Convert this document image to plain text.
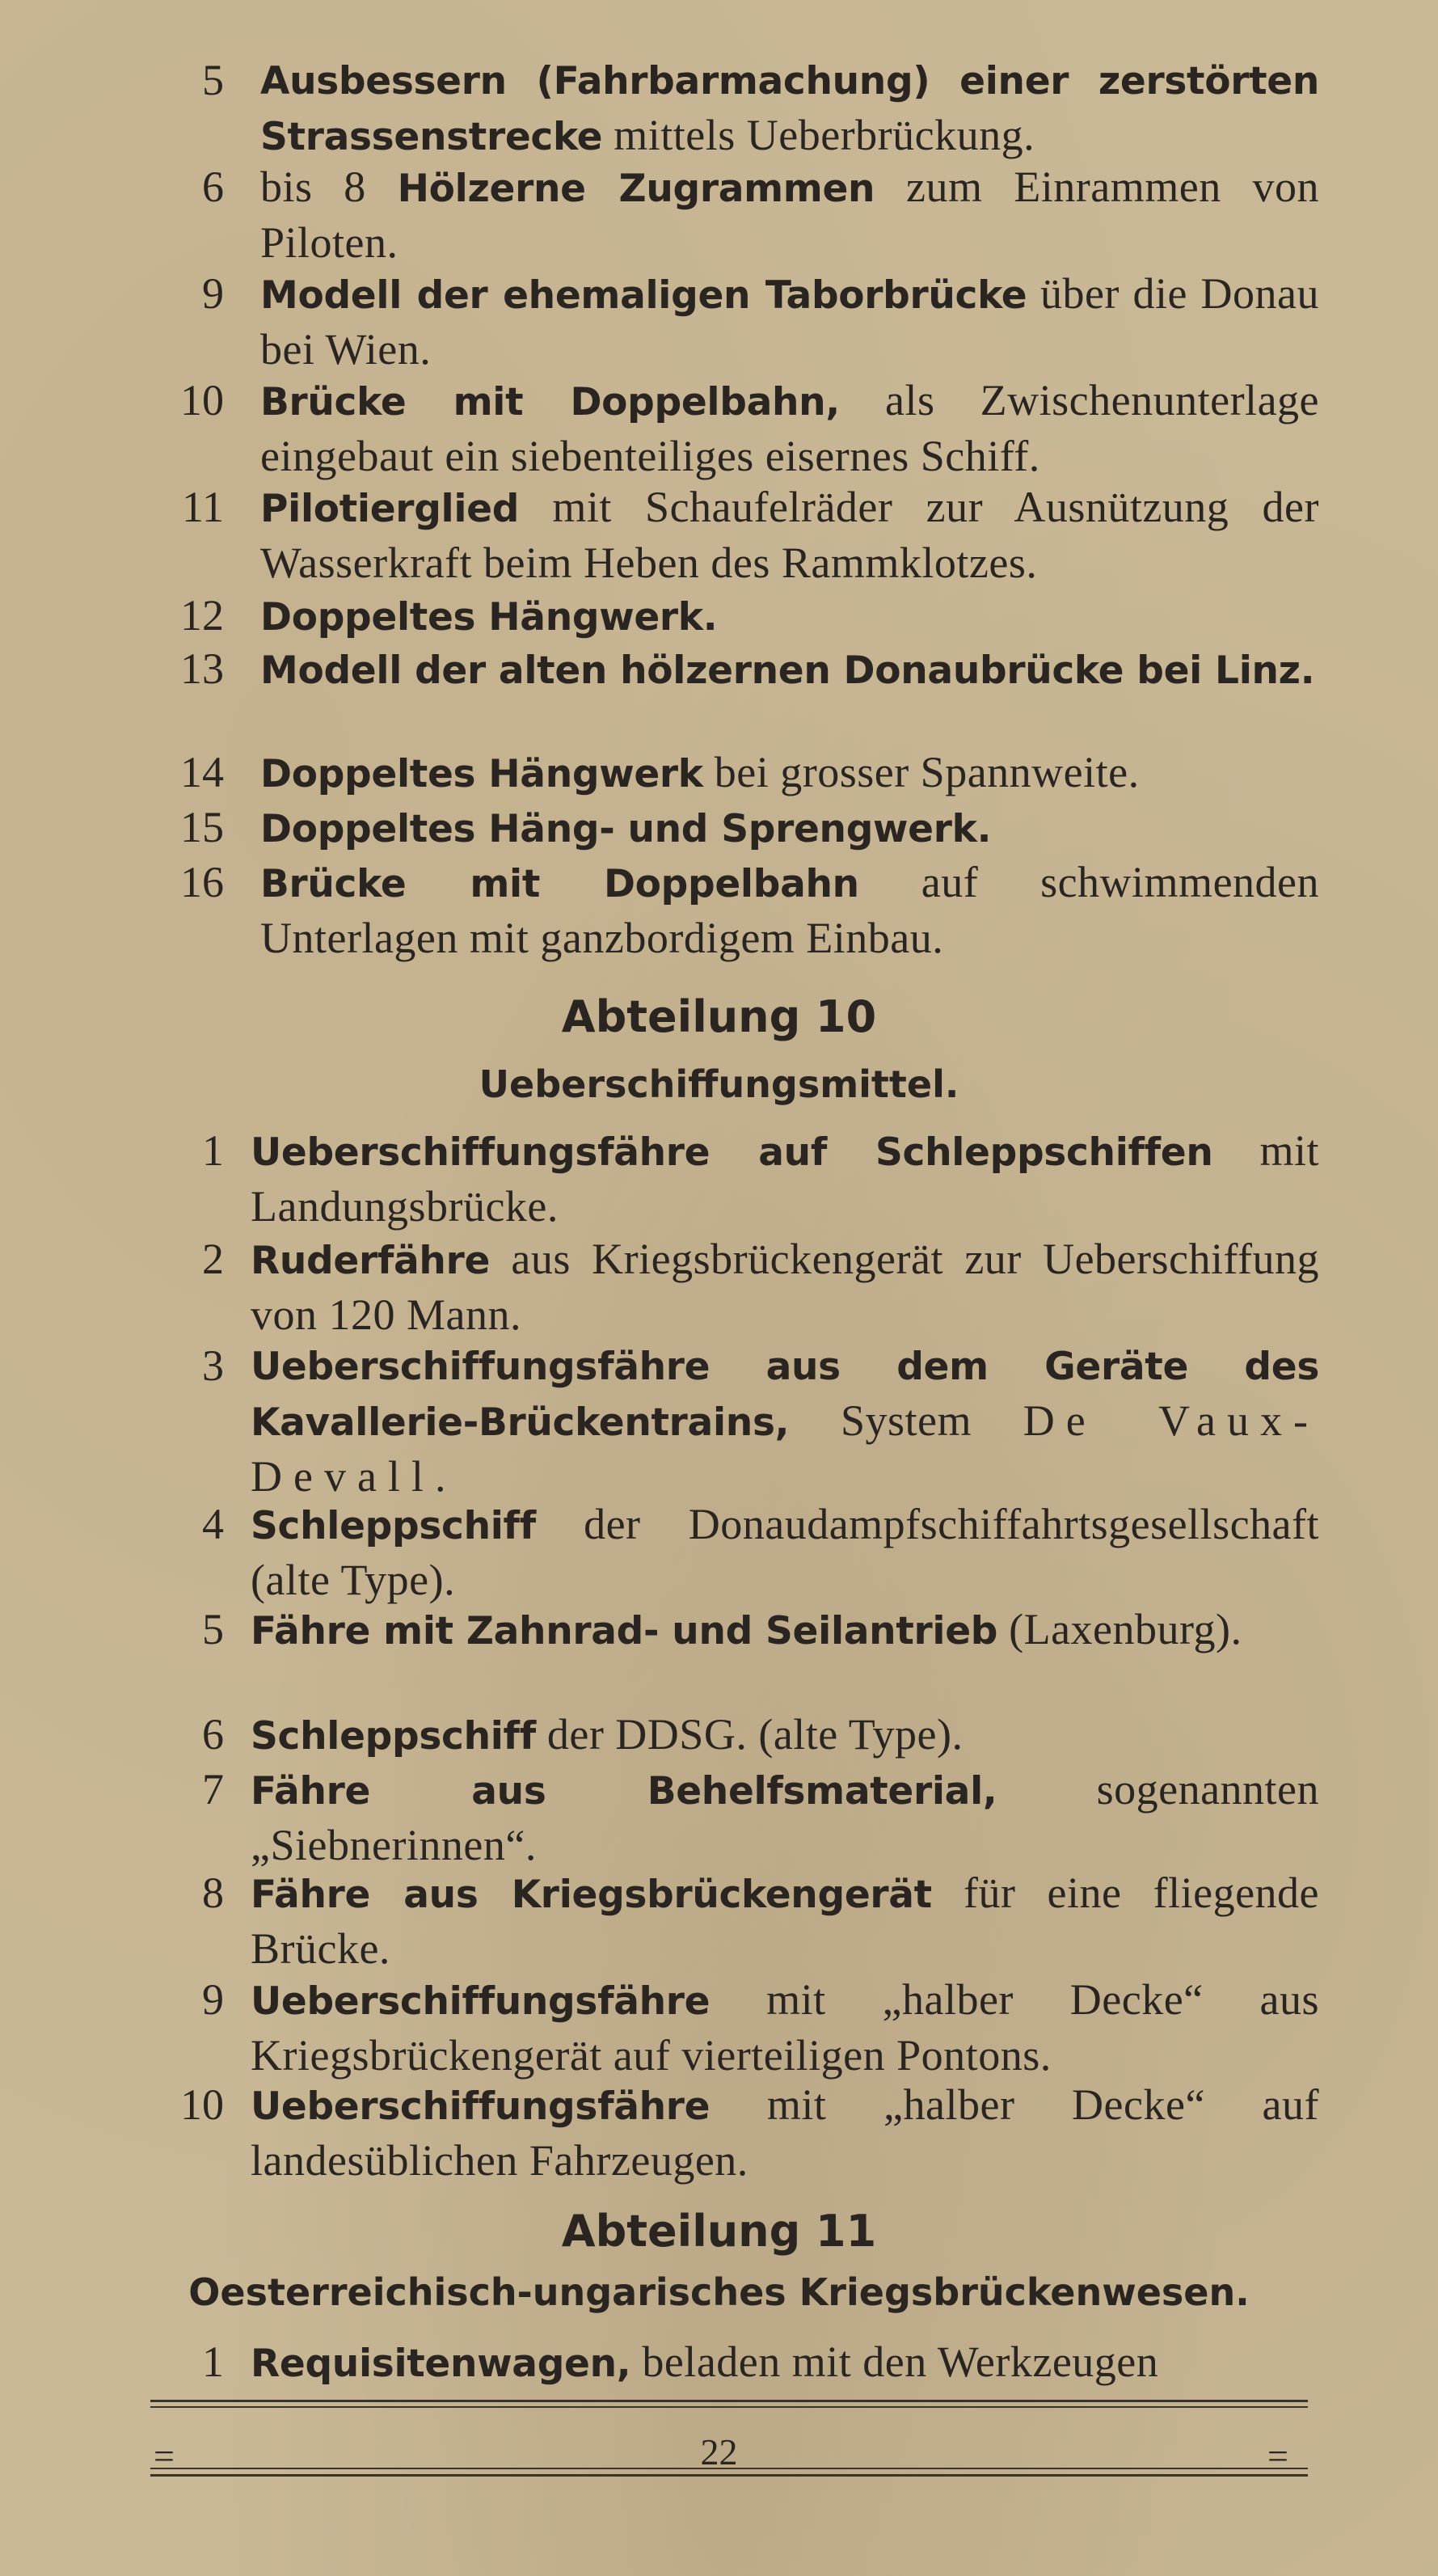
5 Ausbessern (Fahrbarmachung) einer zerstörten Strassenstrecke mittels Ueberbrückung.
6 bis 8 Hölzerne Zugrammen zum Einrammen von Piloten.
9 Modell der ehemaligen Taborbrücke über die Donau bei Wien.
10 Brücke mit Doppelbahn, als Zwischenunterlage eingebaut ein siebenteiliges eisernes Schiff.
11 Pilotierglied mit Schaufelräder zur Ausnützung der Wasserkraft beim Heben des Rammklotzes.
12 Doppeltes Hängwerk.
13 Modell der alten hölzernen Donaubrücke bei Linz.
14 Doppeltes Hängwerk bei grosser Spannweite.
15 Doppeltes Häng- und Sprengwerk.
16 Brücke mit Doppelbahn auf schwimmenden Unterlagen mit ganzbordigem Einbau.
Abteilung 10
Ueberschiffungsmittel.
1 Ueberschiffungsfähre auf Schleppschiffen mit Landungsbrücke.
2 Ruderfähre aus Kriegsbrückengerät zur Ueberschiffung von 120 Mann.
3 Ueberschiffungsfähre aus dem Geräte des Kavallerie-Brückentrains, System De Vaux-Devall.
4 Schleppschiff der Donaudampfschiffahrtsgesellschaft (alte Type).
5 Fähre mit Zahnrad- und Seilantrieb (Laxenburg).
6 Schleppschiff der DDSG. (alte Type).
7 Fähre aus Behelfsmaterial, sogenannten „Siebnerinnen“.
8 Fähre aus Kriegsbrückengerät für eine fliegende Brücke.
9 Ueberschiffungsfähre mit „halber Decke“ aus Kriegsbrückengerät auf vierteiligen Pontons.
10 Ueberschiffungsfähre mit „halber Decke“ auf landesüblichen Fahrzeugen.
Abteilung 11
Oesterreichisch-ungarisches Kriegsbrückenwesen.
1 Requisitenwagen, beladen mit den Werkzeugen
=	=
22
